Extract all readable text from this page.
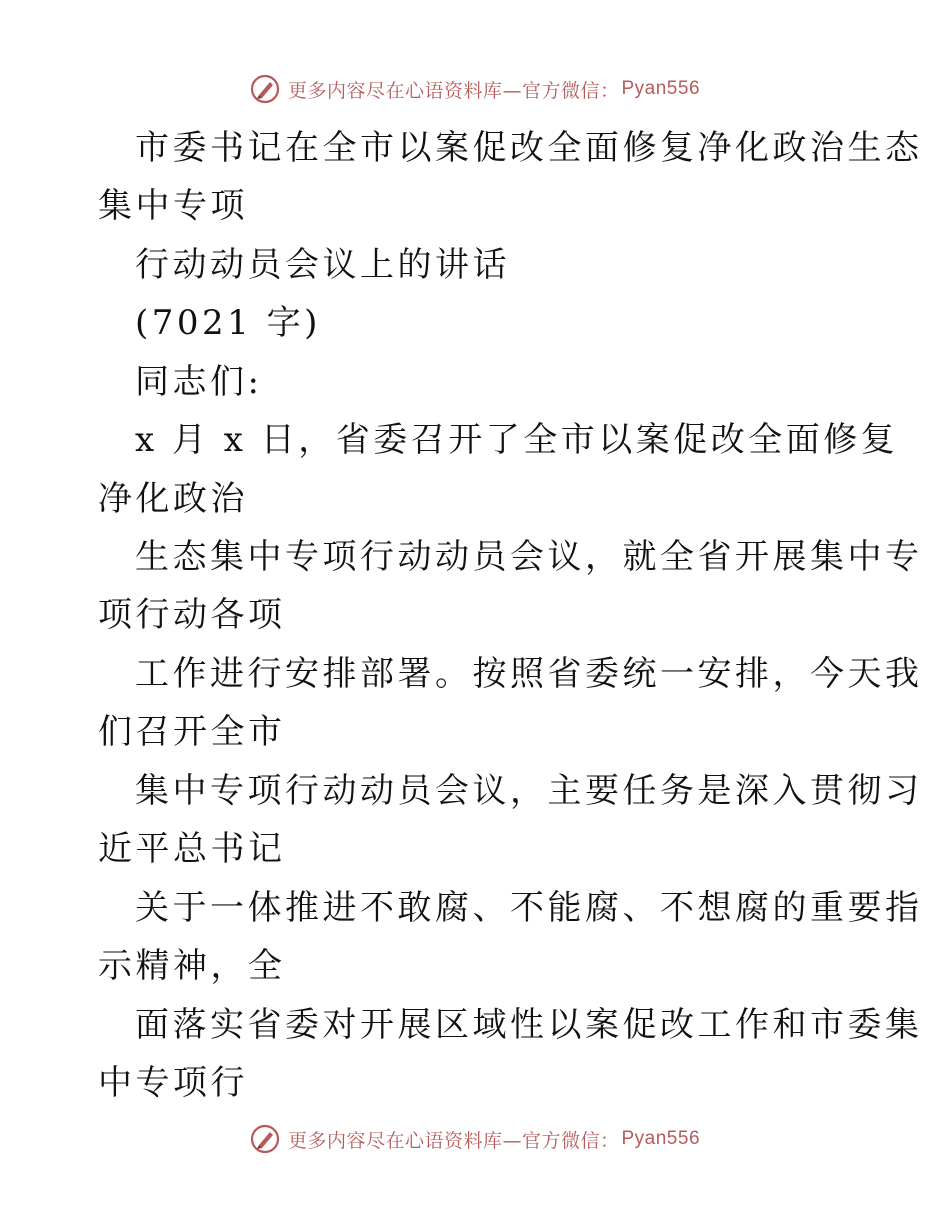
更多内容尽在心语资料库—官方微信： Pyan556
市委书记在全市以案促改全面修复净化政治生态
集中专项
行动动员会议上的讲话
(7021 字)
同志们:
x 月 x 日，省委召开了全市以案促改全面修复
净化政治
生态集中专项行动动员会议，就全省开展集中专
项行动各项
工作进行安排部署。按照省委统一安排，今天我
们召开全市
集中专项行动动员会议，主要任务是深入贯彻习
近平总书记
关于一体推进不敢腐、不能腐、不想腐的重要指
示精神，全
面落实省委对开展区域性以案促改工作和市委集
中专项行
更多内容尽在心语资料库—官方微信： Pyan556
